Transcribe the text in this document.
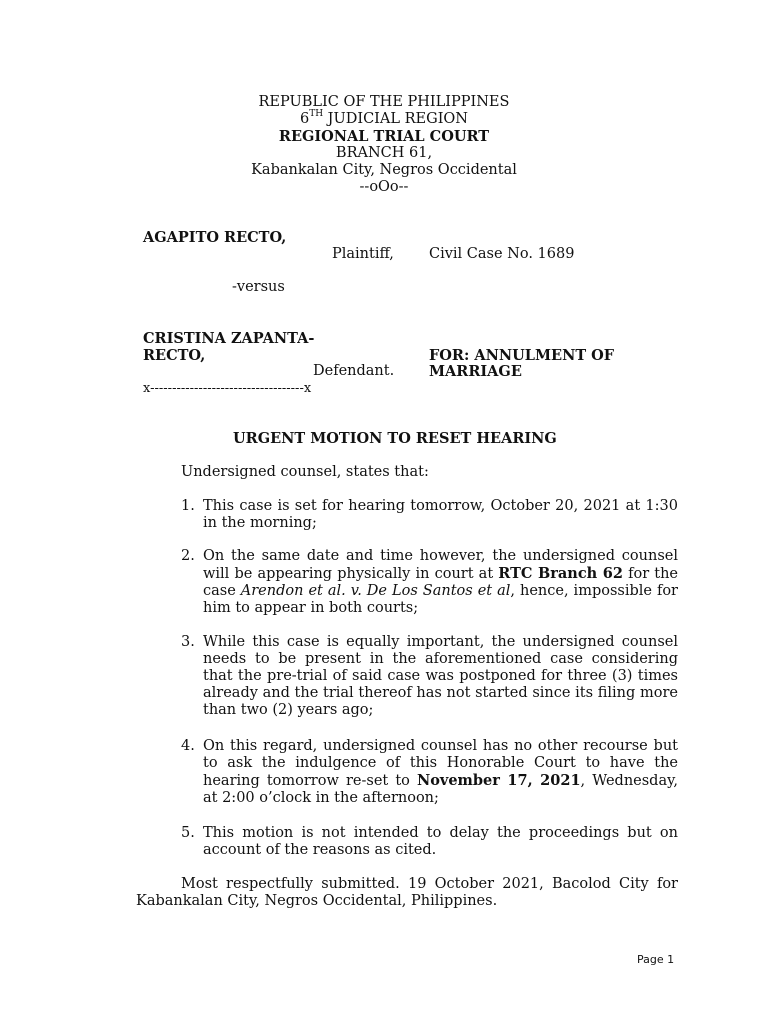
REPUBLIC OF THE PHILIPPINES
6TH JUDICIAL REGION
REGIONAL TRIAL COURT
BRANCH 61,
Kabankalan City, Negros Occidental
--oOo--
AGAPITO RECTO,
Plaintiff, Civil Case No. 1689
-versus
CRISTINA ZAPANTA-
RECTO,
Defendant.
FOR: ANNULMENT OF
MARRIAGE
x-----------------------------------x
URGENT MOTION TO RESET HEARING
Undersigned counsel, states that:
1. This case is set for hearing tomorrow, October 20, 2021 at 1:30 in the morning;
2. On the same date and time however, the undersigned counsel will be appearing physically in court at RTC Branch 62 for the case Arendon et al. v. De Los Santos et al, hence, impossible for him to appear in both courts;
3. While this case is equally important, the undersigned counsel needs to be present in the aforementioned case considering that the pre-trial of said case was postponed for three (3) times already and the trial thereof has not started since its filing more than two (2) years ago;
4. On this regard, undersigned counsel has no other recourse but to ask the indulgence of this Honorable Court to have the hearing tomorrow re-set to November 17, 2021, Wednesday, at 2:00 o’clock in the afternoon;
5. This motion is not intended to delay the proceedings but on account of the reasons as cited.
Most respectfully submitted. 19 October 2021, Bacolod City for Kabankalan City, Negros Occidental, Philippines.
Page 1
